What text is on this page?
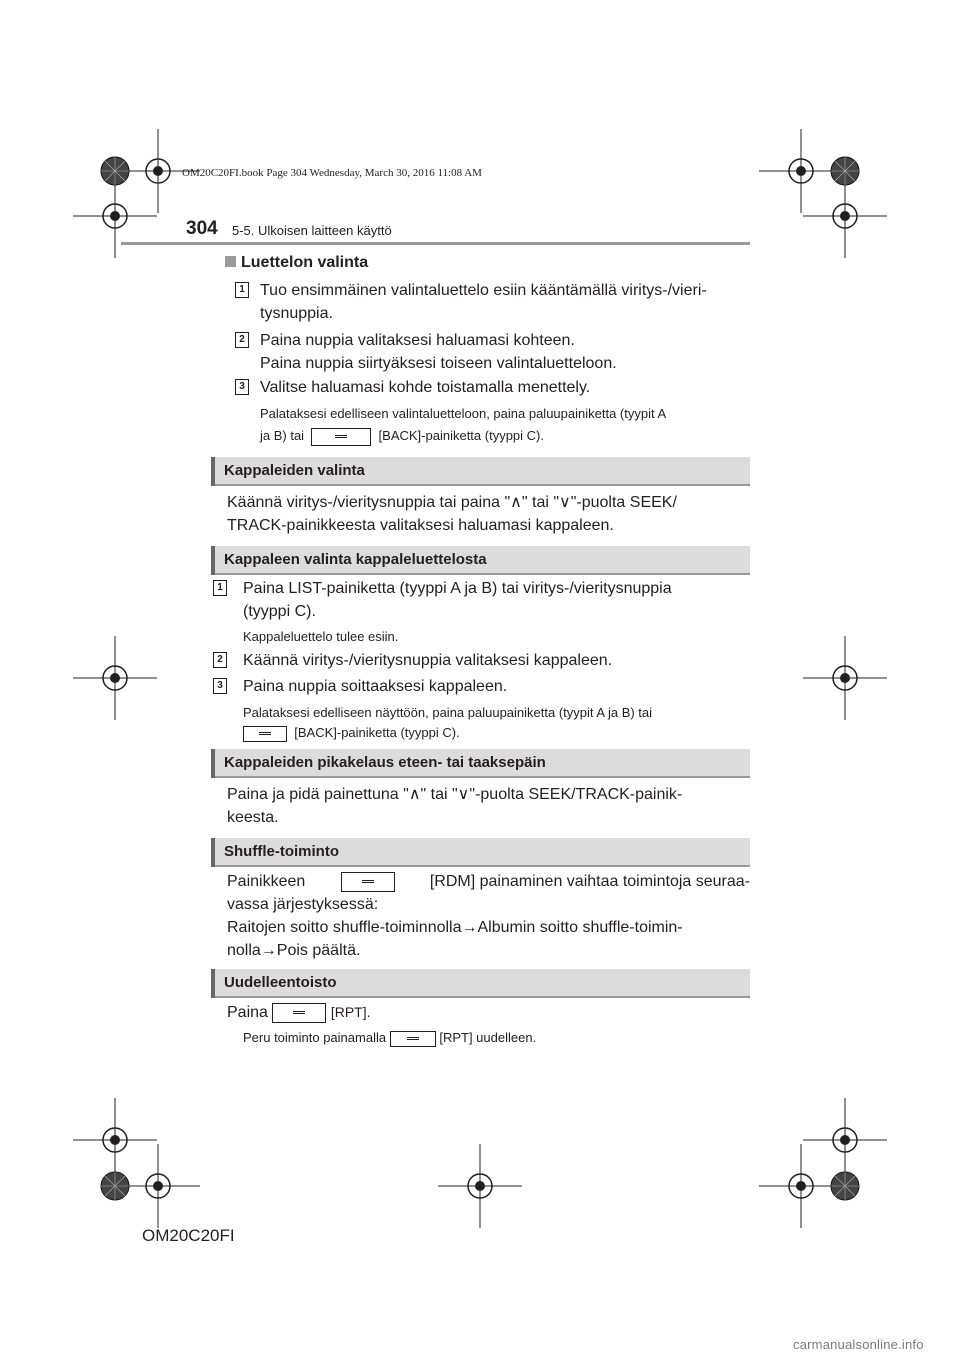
OM20C20FI.book Page 304 Wednesday, March 30, 2016 11:08 AM
304 5-5. Ulkoisen laitteen käyttö
Luettelon valinta
1 Tuo ensimmäinen valintaluettelo esiin kääntämällä viritys-/vieri-
tysnuppia.
2 Paina nuppia valitaksesi haluamasi kohteen.
Paina nuppia siirtyäksesi toiseen valintaluetteloon.
3 Valitse haluamasi kohde toistamalla menettely.
Palataksesi edelliseen valintaluetteloon, paina paluupainiketta (tyypit A
ja B) tai	[BACK]-painiketta (tyyppi C).
Kappaleiden valinta
Käännä viritys-/vieritysnuppia tai paina "∧" tai "∨"-puolta SEEK/
TRACK-painikkeesta valitaksesi haluamasi kappaleen.
Kappaleen valinta kappaleluettelosta
1 Paina LIST-painiketta (tyyppi A ja B) tai viritys-/vieritysnuppia
(tyyppi C).
Kappaleluettelo tulee esiin.
2 Käännä viritys-/vieritysnuppia valitaksesi kappaleen.
3 Paina nuppia soittaaksesi kappaleen.
Palataksesi edelliseen näyttöön, paina paluupainiketta (tyypit A ja B) tai
[BACK]-painiketta (tyyppi C).
Kappaleiden pikakelaus eteen- tai taaksepäin
Paina ja pidä painettuna "∧" tai "∨"-puolta SEEK/TRACK-painik-
keesta.
Shuffle-toiminto
Painikkeen	[RDM] painaminen vaihtaa toimintoja seuraa-
vassa järjestyksessä:
Raitojen soitto shuffle-toiminnolla→Albumin soitto shuffle-toimin-
nolla→Pois päältä.
Uudelleentoisto
Paina	[RPT].
Peru toiminto painamalla	[RPT] uudelleen.
OM20C20FI
carmanualsonline.info
